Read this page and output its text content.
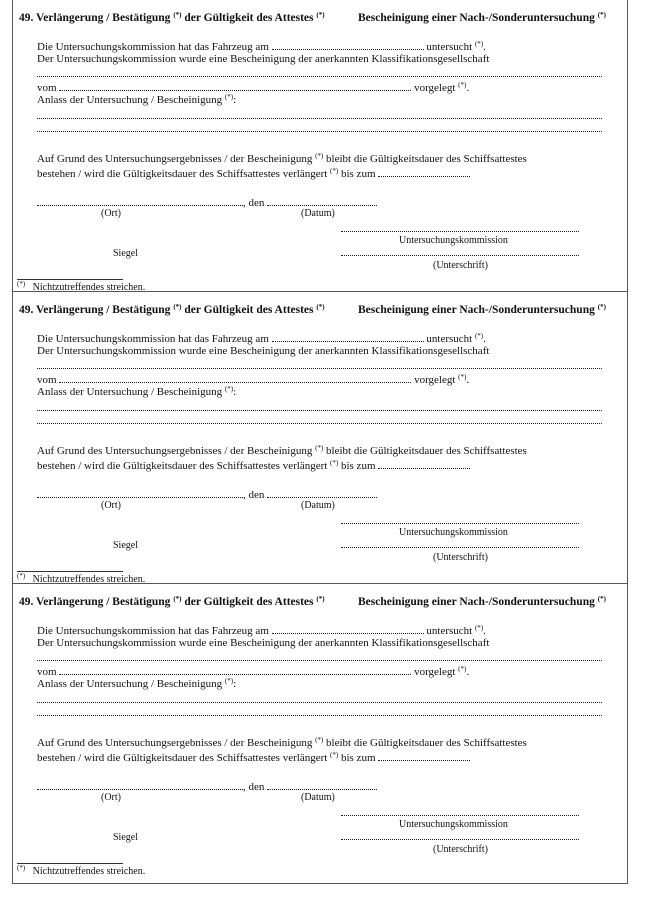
49. Verlängerung / Bestätigung (*) der Gültigkeit des Attestes (*)	Bescheinigung einer Nach-/Sonderuntersuchung (*)
Die Untersuchungskommission hat das Fahrzeug am	untersucht (*).
Der Untersuchungskommission wurde eine Bescheinigung der anerkannten Klassifikationsgesellschaft
vom	vorgelegt (*).
Anlass der Untersuchung / Bescheinigung (*):
Auf Grund des Untersuchungsergebnisses / der Bescheinigung (*) bleibt die Gültigkeitsdauer des Schiffsattestes
bestehen / wird die Gültigkeitsdauer des Schiffsattestes verlängert (*) bis zum
, den
(Ort)	(Datum)
Untersuchungskommission
Siegel
(Unterschrift)
(*) Nichtzutreffendes streichen.
49. Verlängerung / Bestätigung (*) der Gültigkeit des Attestes (*)	Bescheinigung einer Nach-/Sonderuntersuchung (*)
Die Untersuchungskommission hat das Fahrzeug am	untersucht (*).
Der Untersuchungskommission wurde eine Bescheinigung der anerkannten Klassifikationsgesellschaft
vom	vorgelegt (*).
Anlass der Untersuchung / Bescheinigung (*):
Auf Grund des Untersuchungsergebnisses / der Bescheinigung (*) bleibt die Gültigkeitsdauer des Schiffsattestes
bestehen / wird die Gültigkeitsdauer des Schiffsattestes verlängert (*) bis zum
, den
(Ort)	(Datum)
Untersuchungskommission
Siegel
(Unterschrift)
(*) Nichtzutreffendes streichen.
49. Verlängerung / Bestätigung (*) der Gültigkeit des Attestes (*)	Bescheinigung einer Nach-/Sonderuntersuchung (*)
Die Untersuchungskommission hat das Fahrzeug am	untersucht (*).
Der Untersuchungskommission wurde eine Bescheinigung der anerkannten Klassifikationsgesellschaft
vom	vorgelegt (*).
Anlass der Untersuchung / Bescheinigung (*):
Auf Grund des Untersuchungsergebnisses / der Bescheinigung (*) bleibt die Gültigkeitsdauer des Schiffsattestes
bestehen / wird die Gültigkeitsdauer des Schiffsattestes verlängert (*) bis zum
, den
(Ort)	(Datum)
Untersuchungskommission
Siegel
(Unterschrift)
(*) Nichtzutreffendes streichen.
